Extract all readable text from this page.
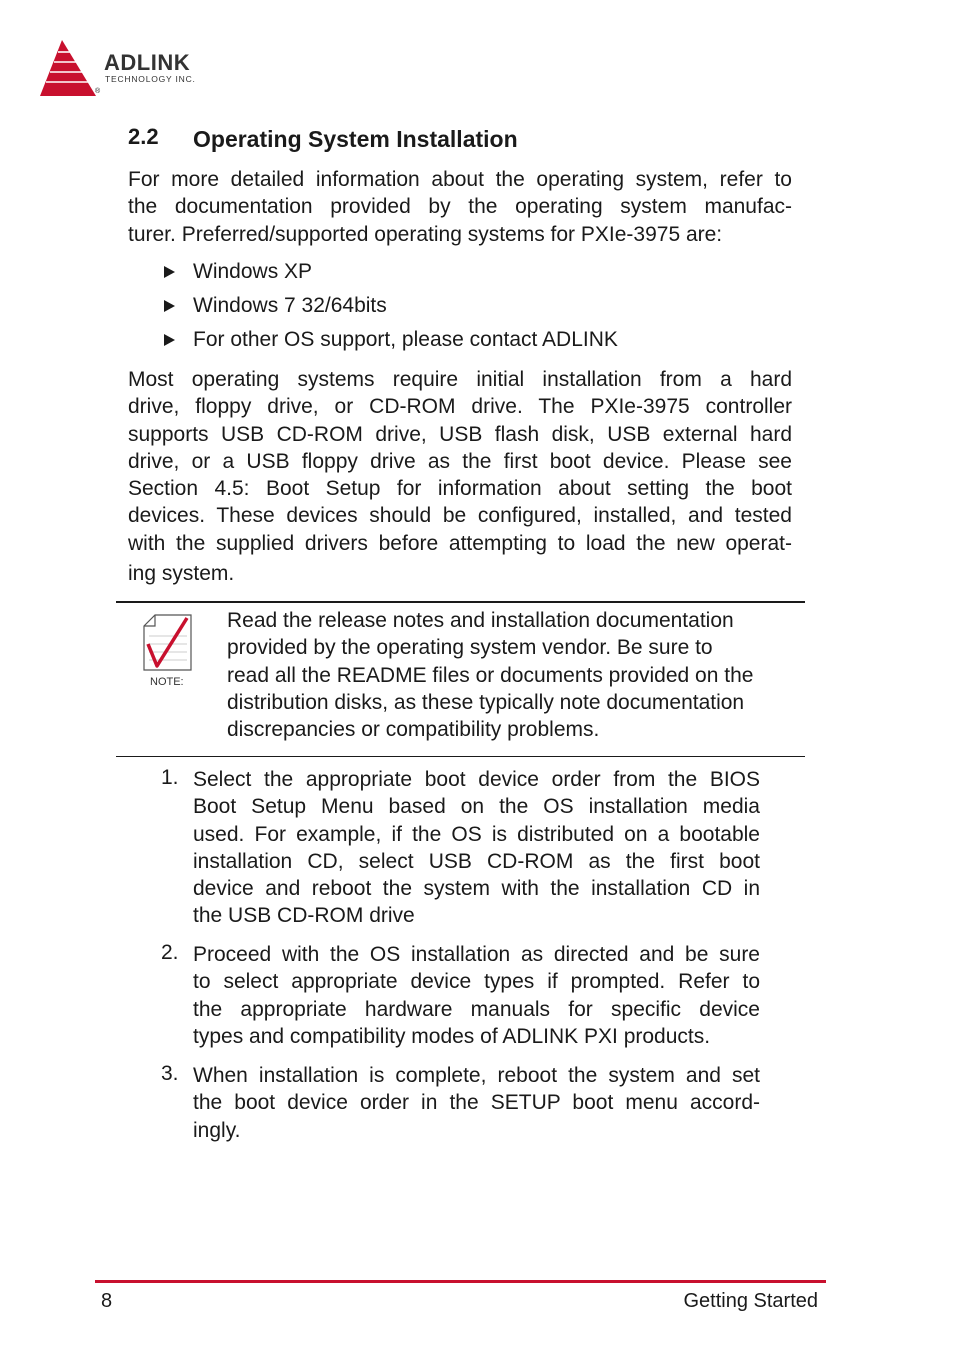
ADLINK
TECHNOLOGY INC.
®
2.2 Operating System Installation
For more detailed information about the operating system, refer to
the documentation provided by the operating system manufac-
turer. Preferred/supported operating systems for PXIe-3975 are:
Windows XP
Windows 7 32/64bits
For other OS support, please contact ADLINK
Most operating systems require initial installation from a hard
drive, floppy drive, or CD-ROM drive. The PXIe-3975 controller
supports USB CD-ROM drive, USB flash disk, USB external hard
drive, or a USB floppy drive as the first boot device. Please see
Section 4.5: Boot Setup for information about setting the boot
devices. These devices should be configured, installed, and tested
with the supplied drivers before attempting to load the new operat-
ing system.
NOTE:
Read the release notes and installation documentation
provided by the operating system vendor. Be sure to
read all the README files or documents provided on the
distribution disks, as these typically note documentation
discrepancies or compatibility problems.
1. Select the appropriate boot device order from the BIOS
Boot Setup Menu based on the OS installation media
used. For example, if the OS is distributed on a bootable
installation CD, select USB CD-ROM as the first boot
device and reboot the system with the installation CD in
the USB CD-ROM drive
2. Proceed with the OS installation as directed and be sure
to select appropriate device types if prompted. Refer to
the appropriate hardware manuals for specific device
types and compatibility modes of ADLINK PXI products.
3. When installation is complete, reboot the system and set
the boot device order in the SETUP boot menu accord-
ingly.
8	Getting Started
